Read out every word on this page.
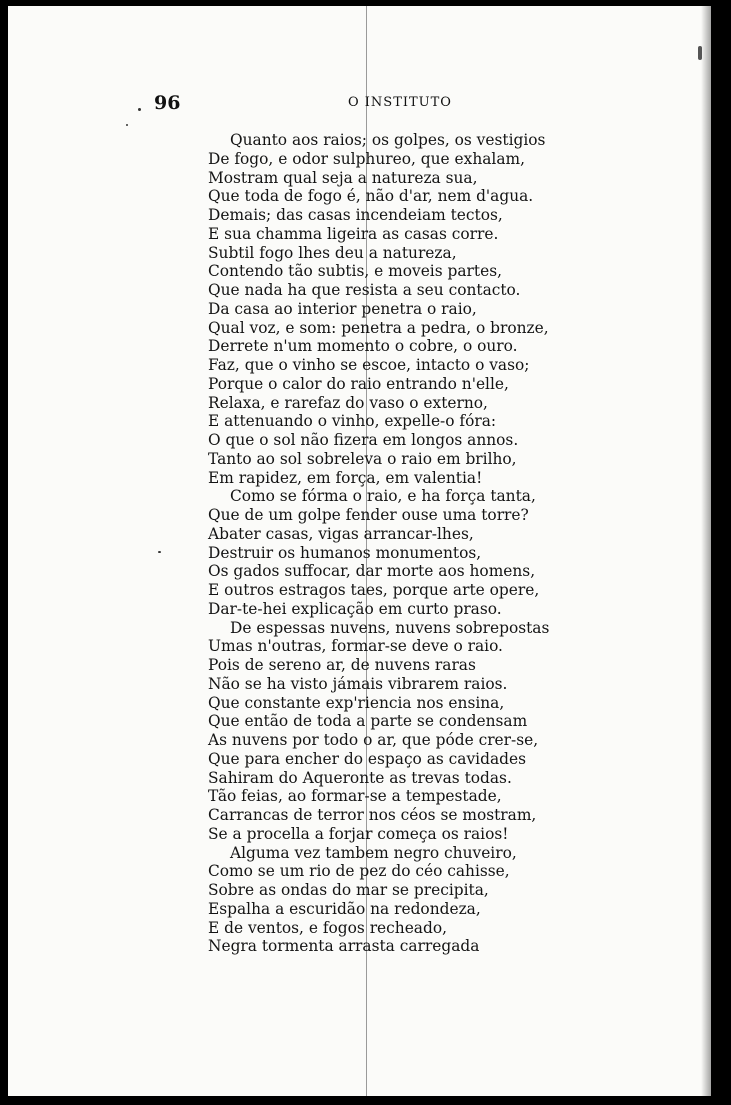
96	O INSTITUTO
Quanto aos raios; os golpes, os vestigios
De fogo, e odor sulphureo, que exhalam,
Mostram qual seja a natureza sua,
Que toda de fogo é, não d'ar, nem d'agua.
Demais; das casas incendeiam tectos,
E sua chamma ligeira as casas corre.
Subtil fogo lhes deu a natureza,
Contendo tão subtis, e moveis partes,
Que nada ha que resista a seu contacto.
Da casa ao interior penetra o raio,
Qual voz, e som: penetra a pedra, o bronze,
Derrete n'um momento o cobre, o ouro.
Faz, que o vinho se escoe, intacto o vaso;
Porque o calor do raio entrando n'elle,
Relaxa, e rarefaz do vaso o externo,
E attenuando o vinho, expelle-o fóra:
O que o sol não fizera em longos annos.
Tanto ao sol sobreleva o raio em brilho,
Em rapidez, em força, em valentia!
Como se fórma o raio, e ha força tanta,
Que de um golpe fender ouse uma torre?
Abater casas, vigas arrancar-lhes,
Destruir os humanos monumentos,
Os gados suffocar, dar morte aos homens,
E outros estragos taes, porque arte opere,
Dar-te-hei explicação em curto praso.
De espessas nuvens, nuvens sobrepostas
Umas n'outras, formar-se deve o raio.
Pois de sereno ar, de nuvens raras
Não se ha visto jámais vibrarem raios.
Que constante exp'riencia nos ensina,
Que então de toda a parte se condensam
As nuvens por todo o ar, que póde crer-se,
Que para encher do espaço as cavidades
Sahiram do Aqueronte as trevas todas.
Tão feias, ao formar-se a tempestade,
Carrancas de terror nos céos se mostram,
Se a procella a forjar começa os raios!
Alguma vez tambem negro chuveiro,
Como se um rio de pez do céo cahisse,
Sobre as ondas do mar se precipita,
Espalha a escuridão na redondeza,
E de ventos, e fogos recheado,
Negra tormenta arrasta carregada
